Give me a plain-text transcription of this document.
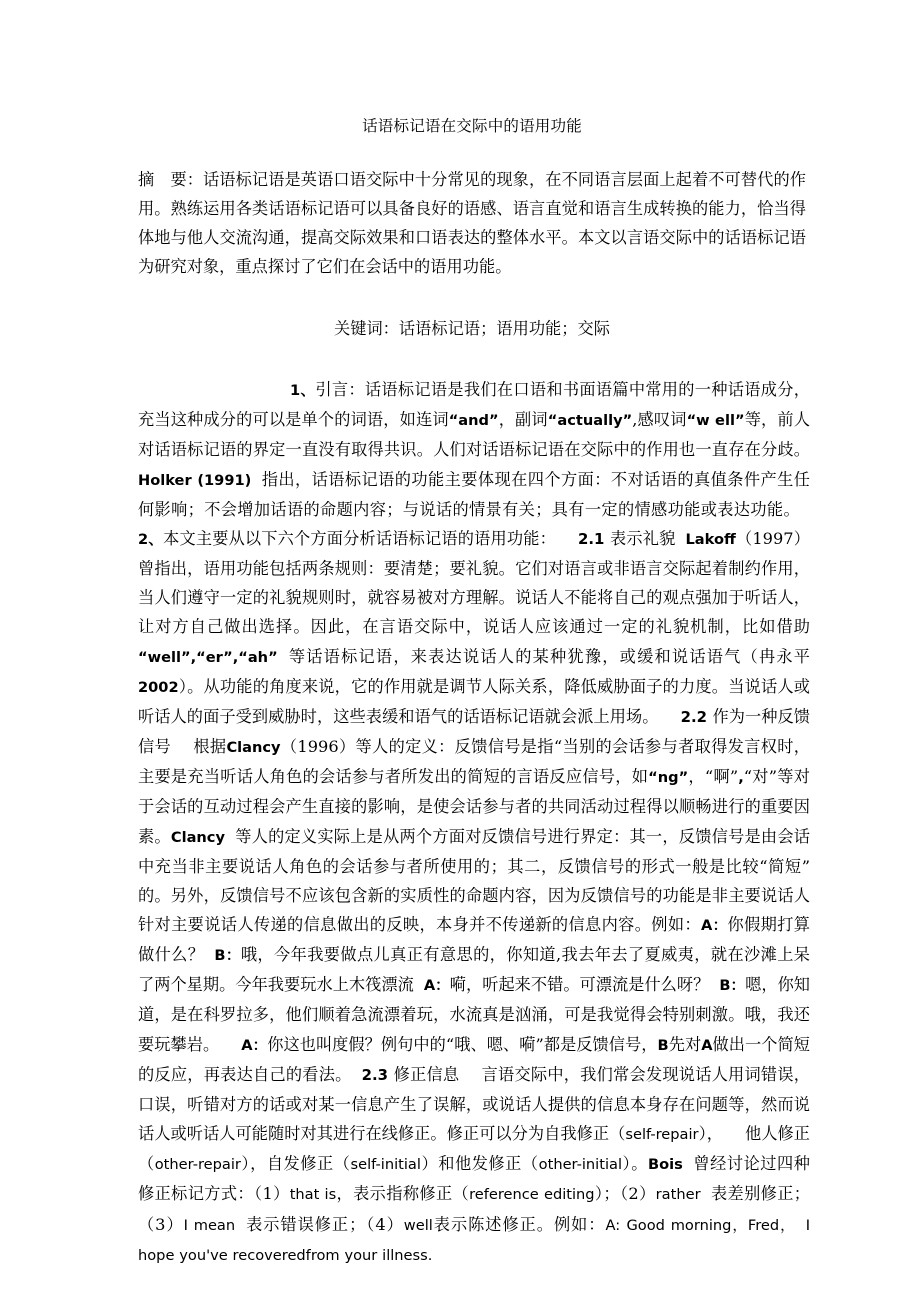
话语标记语在交际中的语用功能

摘　要：话语标记语是英语口语交际中十分常见的现象，在不同语言层面上起着不可替代的作用。熟练运用各类话语标记语可以具备良好的语感、语言直觉和语言生成转换的能力，恰当得体地与他人交流沟通，提高交际效果和口语表达的整体水平。本文以言语交际中的话语标记语为研究对象，重点探讨了它们在会话中的语用功能。

关键词：话语标记语；语用功能；交际

1、引言：话语标记语是我们在口语和书面语篇中常用的一种话语成分，充当这种成分的可以是单个的词语，如连词“and”，副词“actually”,感叹词“w ell”等，前人对话语标记语的界定一直没有取得共识。人们对话语标记语在交际中的作用也一直存在分歧。Holker (1991) 指出，话语标记语的功能主要体现在四个方面：不对话语的真值条件产生任何影响；不会增加话语的命题内容；与说话的情景有关；具有一定的情感功能或表达功能。2、本文主要从以下六个方面分析话语标记语的语用功能： 2.1 表示礼貌 Lakoff（1997）曾指出，语用功能包括两条规则：要清楚；要礼貌。它们对语言或非语言交际起着制约作用，当人们遵守一定的礼貌规则时，就容易被对方理解。说话人不能将自己的观点强加于听话人，让对方自己做出选择。因此，在言语交际中，说话人应该通过一定的礼貌机制，比如借助“well”,“er”,“ah” 等话语标记语，来表达说话人的某种犹豫，或缓和说话语气（冉永平2002）。从功能的角度来说，它的作用就是调节人际关系，降低威胁面子的力度。当说话人或听话人的面子受到威胁时，这些表缓和语气的话语标记语就会派上用场。 2.2 作为一种反馈信号 根据Clancy（1996）等人的定义：反馈信号是指“当别的会话参与者取得发言权时，主要是充当听话人角色的会话参与者所发出的简短的言语反应信号，如“ng”，“啊”,“对”等对于会话的互动过程会产生直接的影响，是使会话参与者的共同活动过程得以顺畅进行的重要因素。Clancy 等人的定义实际上是从两个方面对反馈信号进行界定：其一，反馈信号是由会话中充当非主要说话人角色的会话参与者所使用的；其二，反馈信号的形式一般是比较“简短”的。另外，反馈信号不应该包含新的实质性的命题内容，因为反馈信号的功能是非主要说话人针对主要说话人传递的信息做出的反映，本身并不传递新的信息内容。例如：A：你假期打算做什么？ B：哦，今年我要做点儿真正有意思的，你知道,我去年去了夏威夷，就在沙滩上呆了两个星期。今年我要玩水上木筏漂流 A：嗬，听起来不错。可漂流是什么呀？ B：嗯，你知道，是在科罗拉多，他们顺着急流漂着玩，水流真是汹涌，可是我觉得会特别刺激。哦，我还要玩攀岩。 A：你这也叫度假？例句中的“哦、嗯、嗬”都是反馈信号，B先对A做出一个简短的反应，再表达自己的看法。 2.3 修正信息 言语交际中，我们常会发现说话人用词错误，口误，听错对方的话或对某一信息产生了误解，或说话人提供的信息本身存在问题等，然而说话人或听话人可能随时对其进行在线修正。修正可以分为自我修正（self-repair）， 他人修正（other-repair），自发修正（self-initial）和他发修正（other-initial）。Bois 曾经讨论过四种修正标记方式：（1）that is，表示指称修正（reference editing）；（2）rather 表差别修正；（3）I mean 表示错误修正；（4）well表示陈述修正。例如：A: Good morning，Fred， I hope you've recoveredfrom your illness.
